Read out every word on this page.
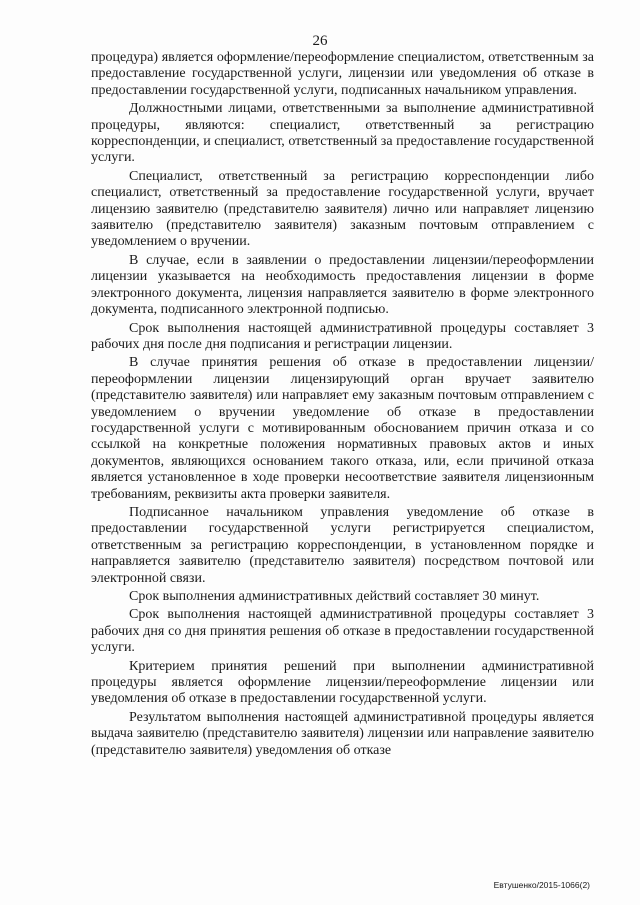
26

процедура) является оформление/переоформление специалистом, ответственным за предоставление государственной услуги, лицензии или уведомления об отказе в предоставлении государственной услуги, подписанных начальником управления.

Должностными лицами, ответственными за выполнение административной процедуры, являются: специалист, ответственный за регистрацию корреспонденции, и специалист, ответственный за предоставление государственной услуги.

Специалист, ответственный за регистрацию корреспонденции либо специалист, ответственный за предоставление государственной услуги, вручает лицензию заявителю (представителю заявителя) лично или направляет лицензию заявителю (представителю заявителя) заказным почтовым отправлением с уведомлением о вручении.

В случае, если в заявлении о предоставлении лицензии/переоформлении лицензии указывается на необходимость предоставления лицензии в форме электронного документа, лицензия направляется заявителю в форме электронного документа, подписанного электронной подписью.

Срок выполнения настоящей административной процедуры составляет 3 рабочих дня после дня подписания и регистрации лицензии.

В случае принятия решения об отказе в предоставлении лицензии/переоформлении лицензии лицензирующий орган вручает заявителю (представителю заявителя) или направляет ему заказным почтовым отправлением с уведомлением о вручении уведомление об отказе в предоставлении государственной услуги с мотивированным обоснованием причин отказа и со ссылкой на конкретные положения нормативных правовых актов и иных документов, являющихся основанием такого отказа, или, если причиной отказа является установленное в ходе проверки несоответствие заявителя лицензионным требованиям, реквизиты акта проверки заявителя.

Подписанное начальником управления уведомление об отказе в предоставлении государственной услуги регистрируется специалистом, ответственным за регистрацию корреспонденции, в установленном порядке и направляется заявителю (представителю заявителя) посредством почтовой или электронной связи.

Срок выполнения административных действий составляет 30 минут.

Срок выполнения настоящей административной процедуры составляет 3 рабочих дня со дня принятия решения об отказе в предоставлении государственной услуги.

Критерием принятия решений при выполнении административной процедуры является оформление лицензии/переоформление лицензии или уведомления об отказе в предоставлении государственной услуги.

Результатом выполнения настоящей административной процедуры является выдача заявителю (представителю заявителя) лицензии или направление заявителю (представителю заявителя) уведомления об отказе

Евтушенко/2015-1066(2)
